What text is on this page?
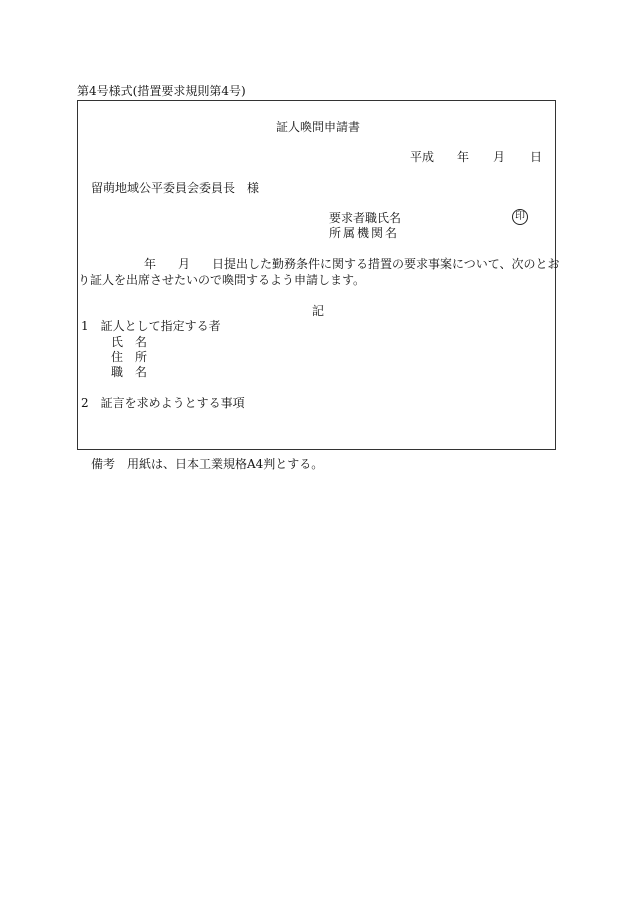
第4号様式(措置要求規則第4号)
証人喚問申請書
平成 年 月 日
留萌地域公平委員会委員長　様
要求者職氏名	印
所属機関名
年 月 日提出した勤務条件に関する措置の要求事案について、次のとお
り証人を出席させたいので喚問するよう申請します。
記
1　証人として指定する者
氏　名
住　所
職　名
2　証言を求めようとする事項
備考　用紙は、日本工業規格A4判とする。
